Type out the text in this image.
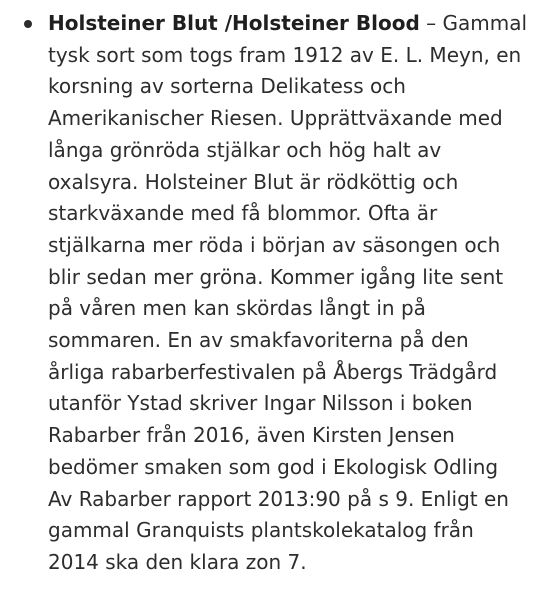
Holsteiner Blut /Holsteiner Blood – Gammal
tysk sort som togs fram 1912 av E. L. Meyn, en
korsning av sorterna Delikatess och
Amerikanischer Riesen. Upprättväxande med
långa grönröda stjälkar och hög halt av
oxalsyra. Holsteiner Blut är rödköttig och
starkväxande med få blommor. Ofta är
stjälkarna mer röda i början av säsongen och
blir sedan mer gröna. Kommer igång lite sent
på våren men kan skördas långt in på
sommaren. En av smakfavoriterna på den
årliga rabarberfestivalen på Åbergs Trädgård
utanför Ystad skriver Ingar Nilsson i boken
Rabarber från 2016, även Kirsten Jensen
bedömer smaken som god i Ekologisk Odling
Av Rabarber rapport 2013:90 på s 9. Enligt en
gammal Granquists plantskolekatalog från
2014 ska den klara zon 7.
